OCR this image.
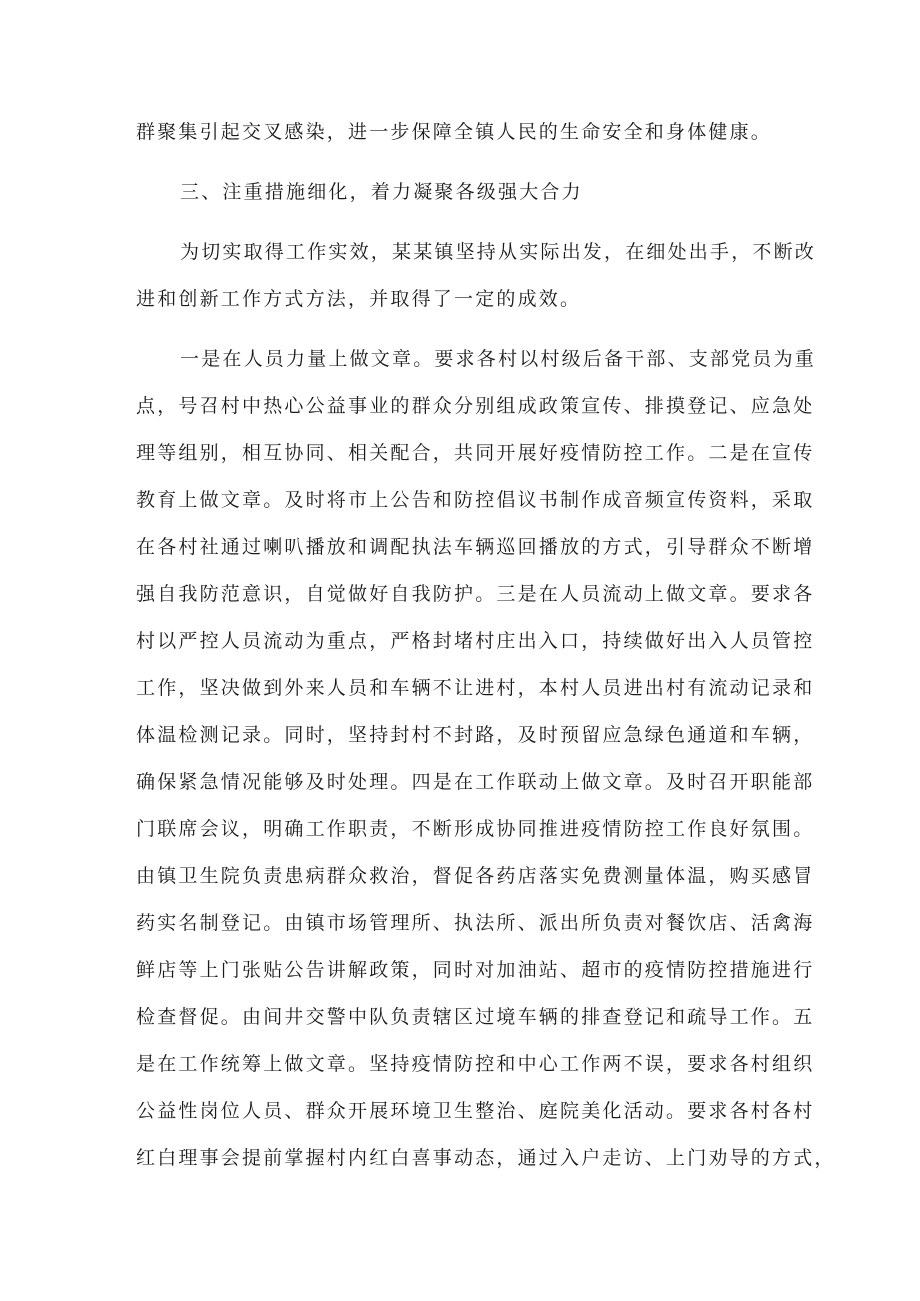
群聚集引起交叉感染，进一步保障全镇人民的生命安全和身体健康。
三、注重措施细化，着力凝聚各级强大合力
为切实取得工作实效，某某镇坚持从实际出发，在细处出手，不断改
进和创新工作方式方法，并取得了一定的成效。
一是在人员力量上做文章。要求各村以村级后备干部、支部党员为重
点，号召村中热心公益事业的群众分别组成政策宣传、排摸登记、应急处
理等组别，相互协同、相关配合，共同开展好疫情防控工作。二是在宣传
教育上做文章。及时将市上公告和防控倡议书制作成音频宣传资料，采取
在各村社通过喇叭播放和调配执法车辆巡回播放的方式，引导群众不断增
强自我防范意识，自觉做好自我防护。三是在人员流动上做文章。要求各
村以严控人员流动为重点，严格封堵村庄出入口，持续做好出入人员管控
工作，坚决做到外来人员和车辆不让进村，本村人员进出村有流动记录和
体温检测记录。同时，坚持封村不封路，及时预留应急绿色通道和车辆，
确保紧急情况能够及时处理。四是在工作联动上做文章。及时召开职能部
门联席会议，明确工作职责，不断形成协同推进疫情防控工作良好氛围。
由镇卫生院负责患病群众救治，督促各药店落实免费测量体温，购买感冒
药实名制登记。由镇市场管理所、执法所、派出所负责对餐饮店、活禽海
鲜店等上门张贴公告讲解政策，同时对加油站、超市的疫情防控措施进行
检查督促。由间井交警中队负责辖区过境车辆的排查登记和疏导工作。五
是在工作统筹上做文章。坚持疫情防控和中心工作两不误，要求各村组织
公益性岗位人员、群众开展环境卫生整治、庭院美化活动。要求各村各村
红白理事会提前掌握村内红白喜事动态，通过入户走访、上门劝导的方式，
